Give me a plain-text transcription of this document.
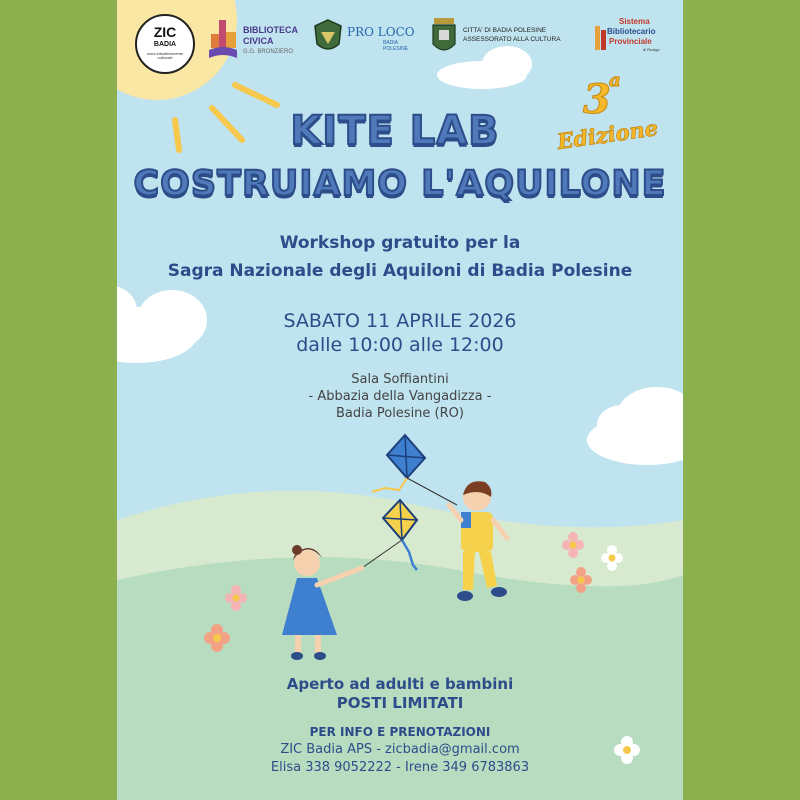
ZIC
BADIA
zona intrattenimento culturale
BIBLIOTECA
CIVICA
G.G. BRONZIERO
PRO LOCO
BADIA
POLESINE
CITTA' DI BADIA POLESINE
ASSESSORATO ALLA CULTURA
Sistema
Bibliotecario
Provinciale
di Rovigo
KITE LAB
COSTRUIAMO L'AQUILONE
3
a
Edizione
Workshop gratuito per la
Sagra Nazionale degli Aquiloni di Badia Polesine
SABATO 11 APRILE 2026
dalle 10:00 alle 12:00
Sala Soffiantini
- Abbazia della Vangadizza -
Badia Polesine (RO)
Aperto ad adulti e bambini
POSTI LIMITATI
PER INFO E PRENOTAZIONI
ZIC Badia APS - zicbadia@gmail.com
Elisa 338 9052222 - Irene 349 6783863
